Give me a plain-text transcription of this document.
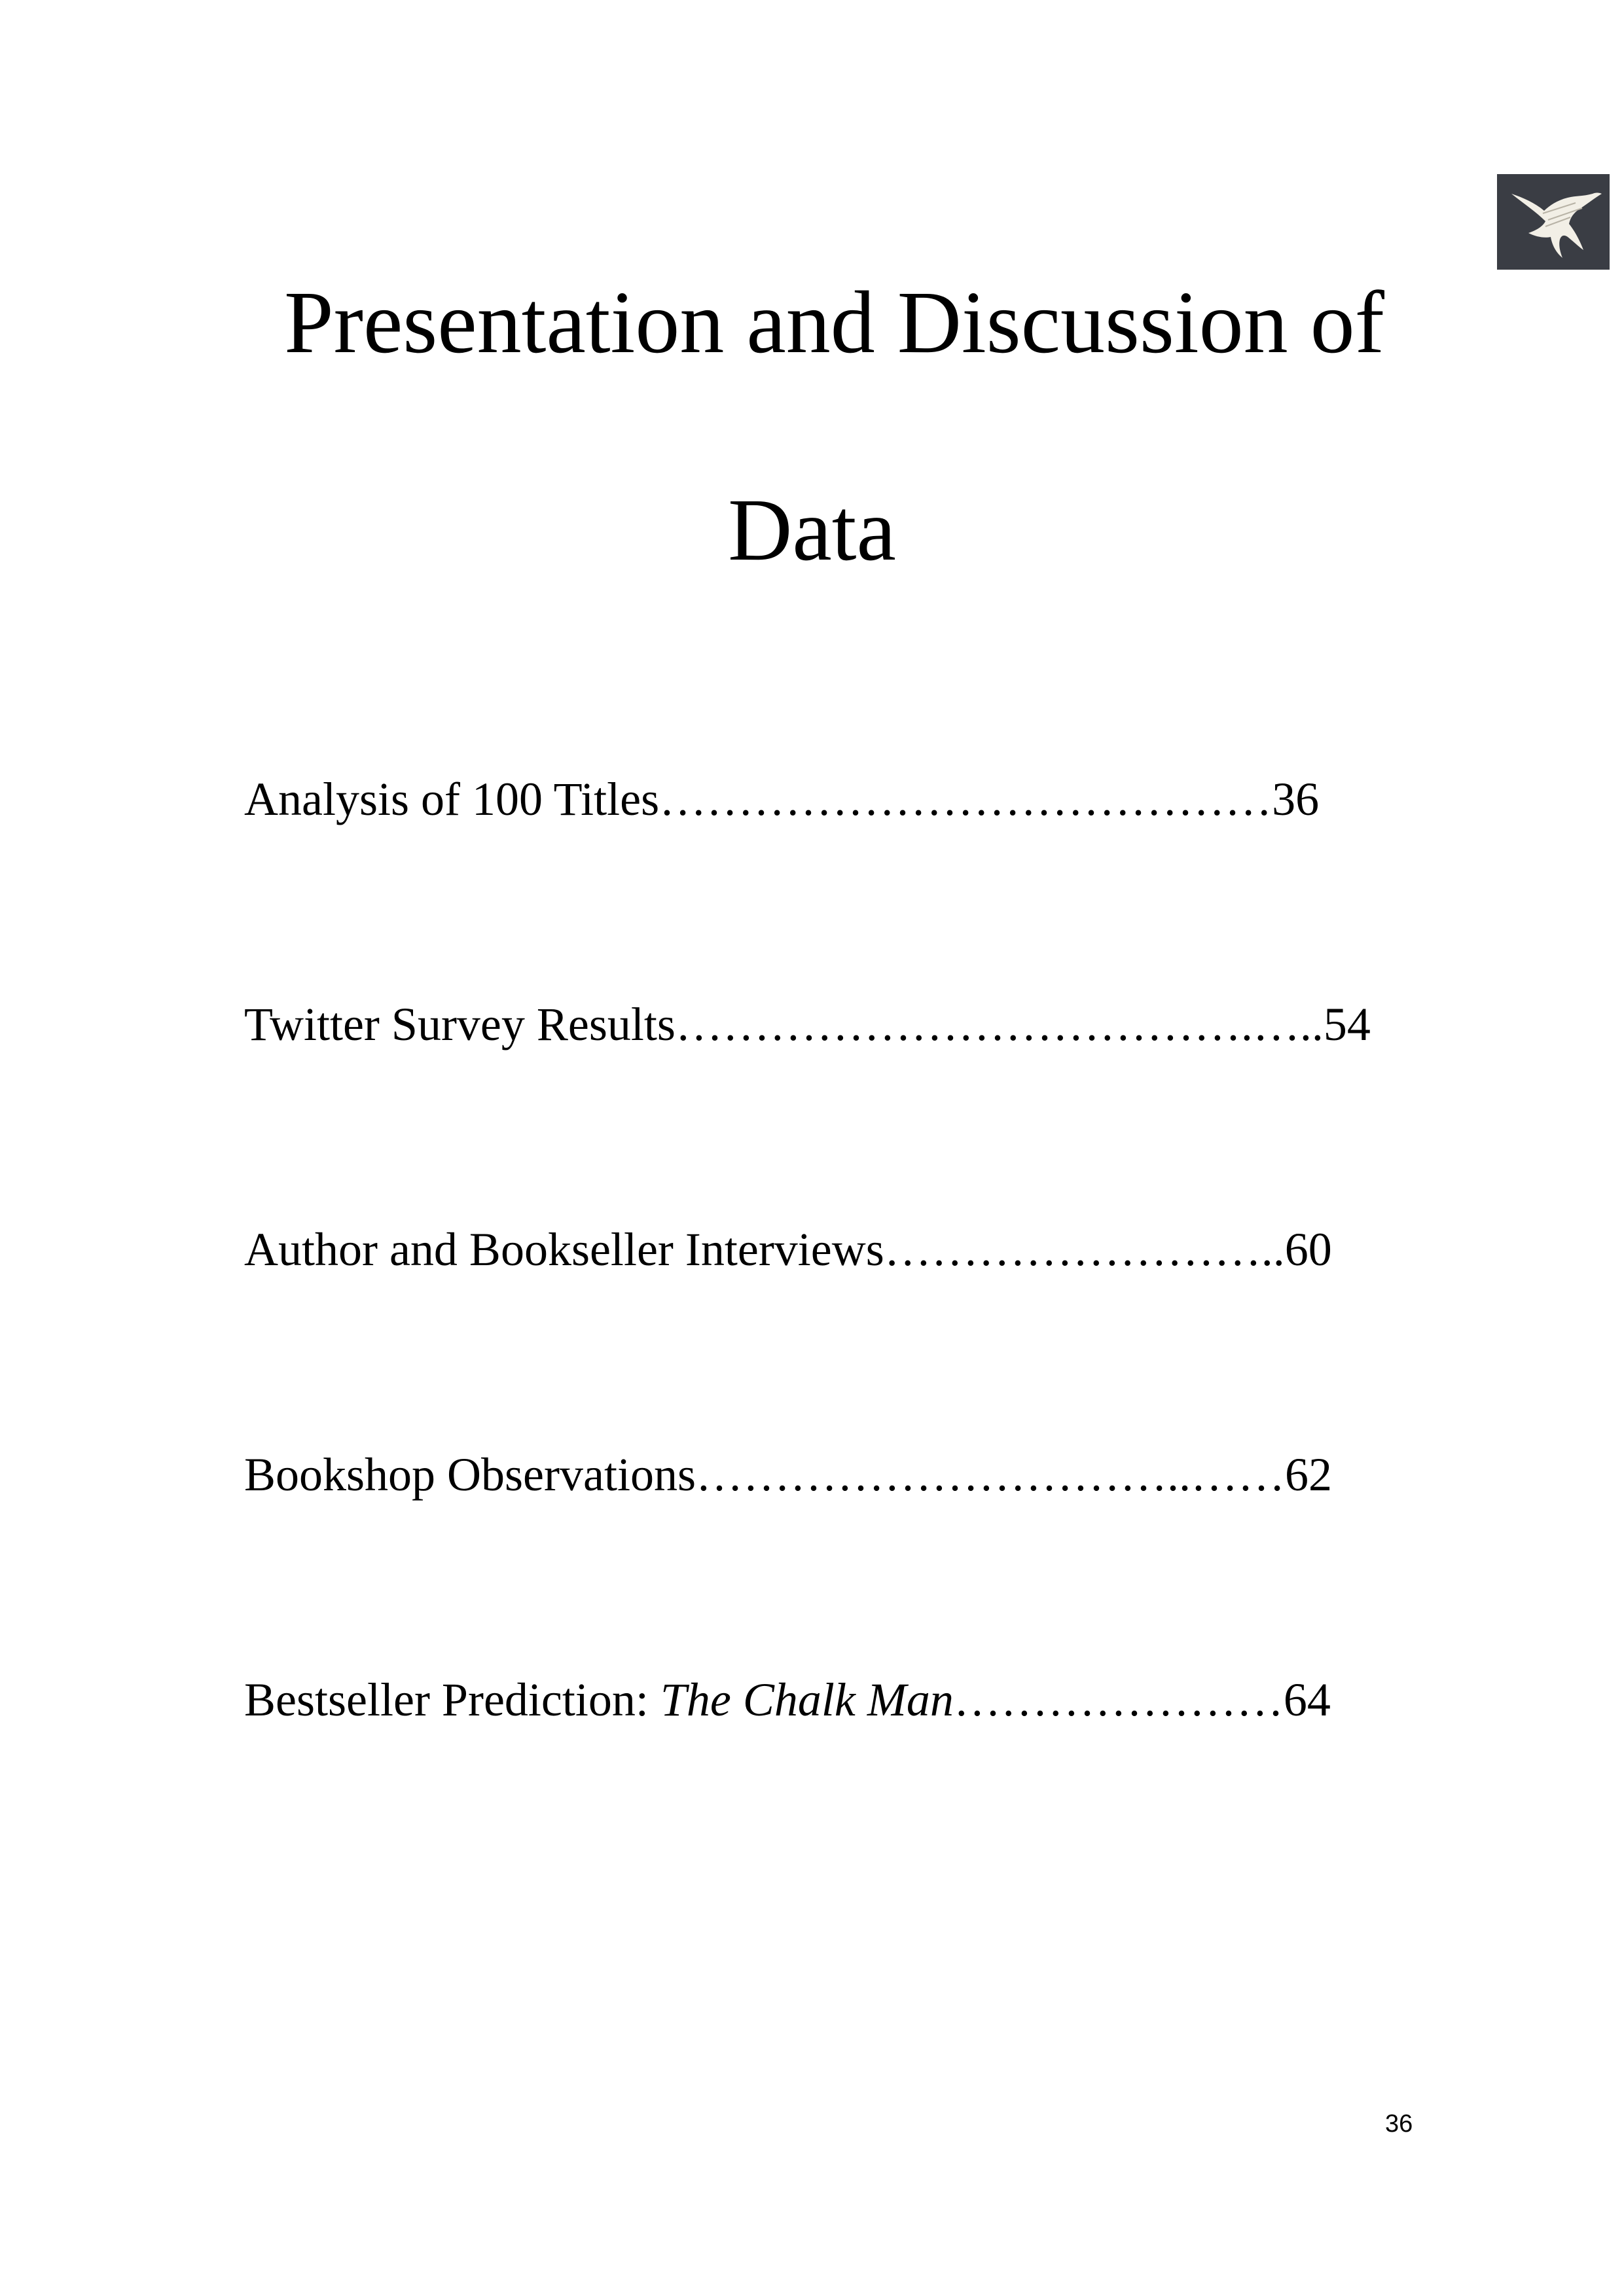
Presentation and Discussion of
Data
Analysis of 100 Titles…………………………………36
Twitter Survey Results……………………………….…..54
Author and Bookseller Interviews……………………..60
Bookshop Observations…………………………..……62
Bestseller Prediction: The Chalk Man…………………64
36
